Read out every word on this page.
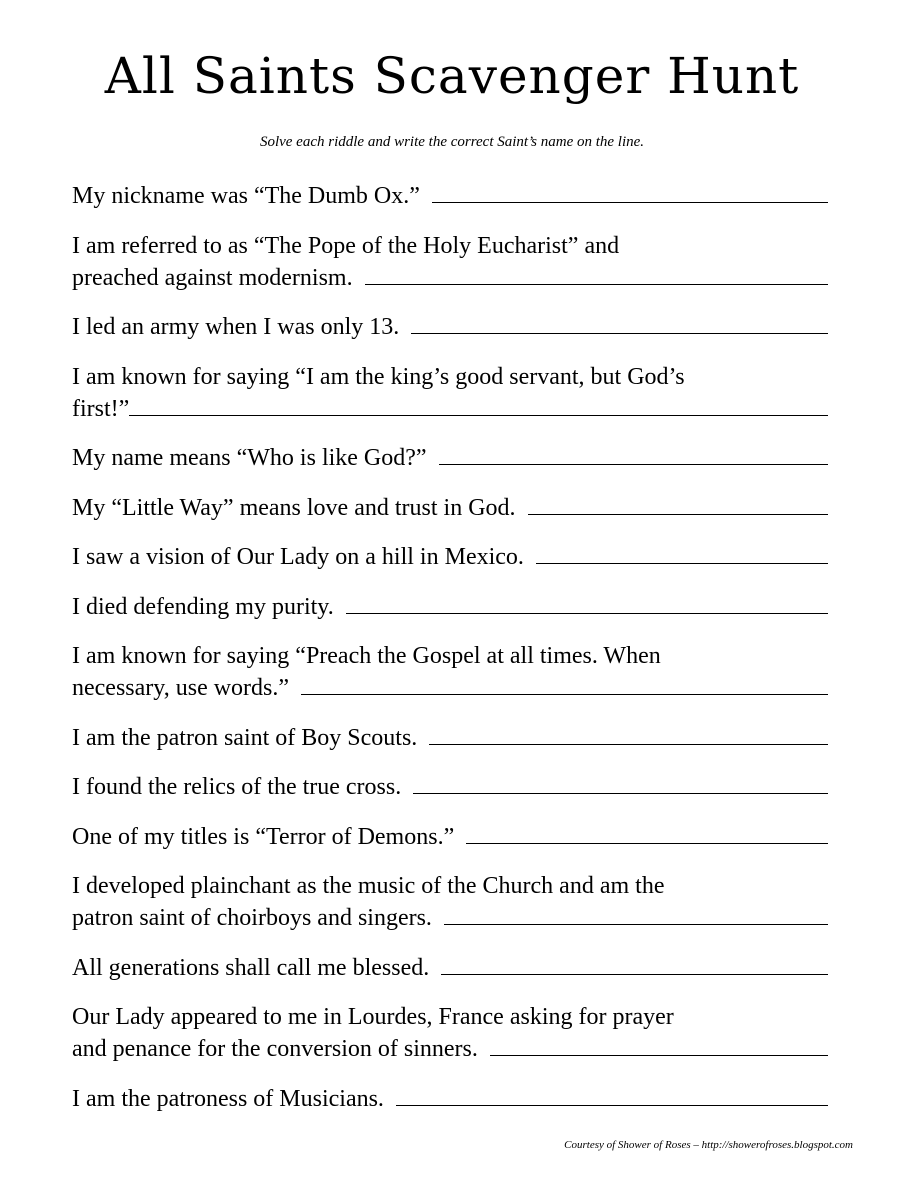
All Saints Scavenger Hunt
Solve each riddle and write the correct Saint’s name on the line.
My nickname was “The Dumb Ox.”
I am referred to as “The Pope of the Holy Eucharist” and
preached against modernism.
I led an army when I was only 13.
I am known for saying “I am the king’s good servant, but God’s
first!”
My name means “Who is like God?”
My “Little Way” means love and trust in God.
I saw a vision of Our Lady on a hill in Mexico.
I died defending my purity.
I am known for saying “Preach the Gospel at all times. When
necessary, use words.”
I am the patron saint of Boy Scouts.
I found the relics of the true cross.
One of my titles is “Terror of Demons.”
I developed plainchant as the music of the Church and am the
patron saint of choirboys and singers.
All generations shall call me blessed.
Our Lady appeared to me in Lourdes, France asking for prayer
and penance for the conversion of sinners.
I am the patroness of Musicians.
Courtesy of Shower of Roses – http://showerofroses.blogspot.com
